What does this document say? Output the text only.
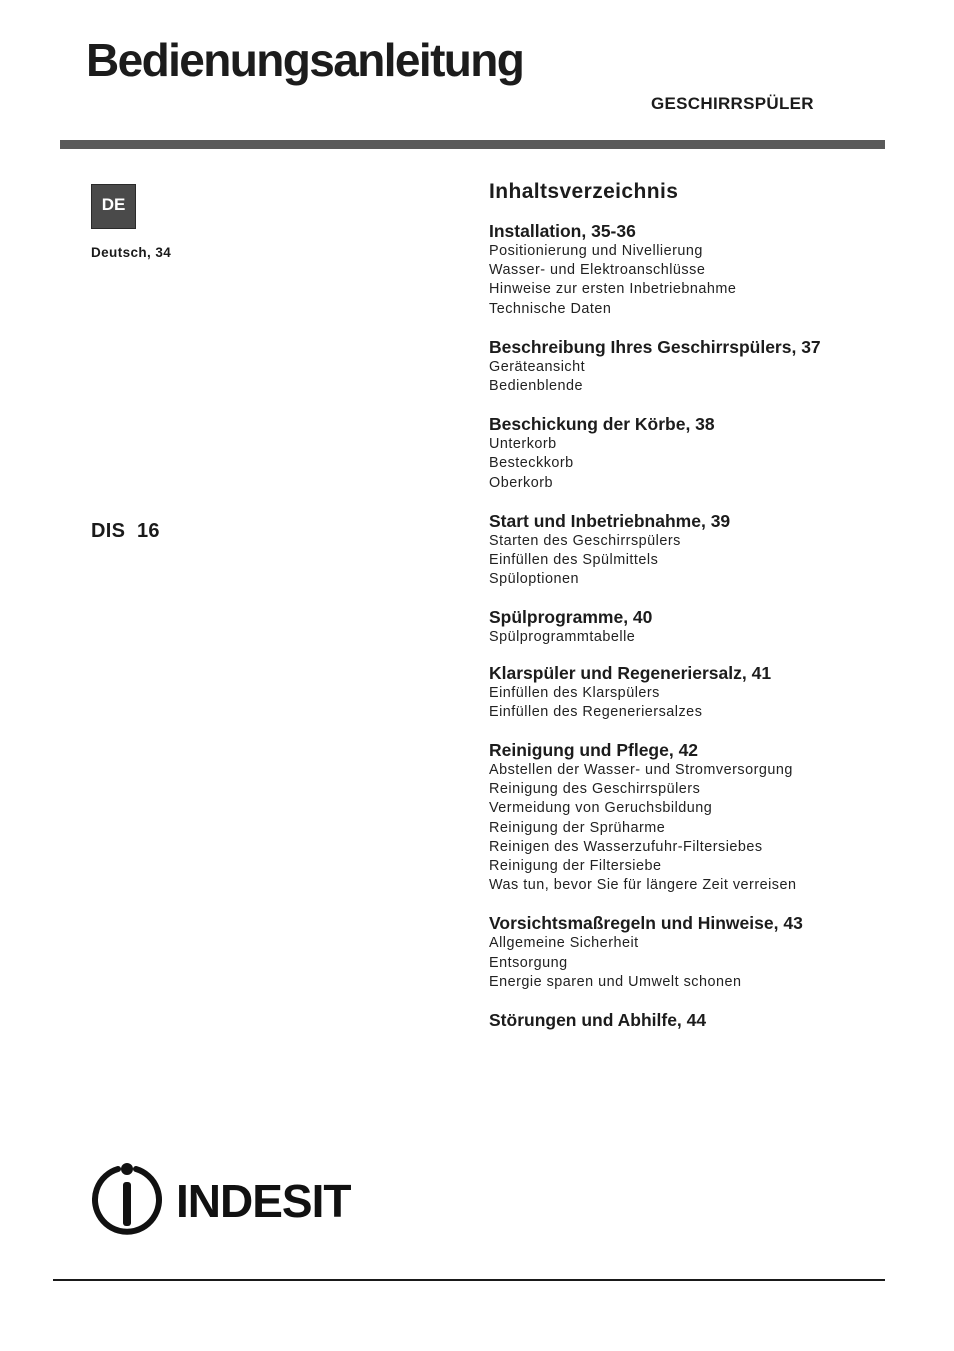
Bedienungsanleitung
GESCHIRRSPÜLER
DE
Deutsch, 34
DIS  16
Inhaltsverzeichnis
Installation, 35-36
Positionierung und Nivellierung
Wasser- und Elektroanschlüsse
Hinweise zur ersten Inbetriebnahme
Technische Daten
Beschreibung Ihres Geschirrspülers, 37
Geräteansicht
Bedienblende
Beschickung der Körbe, 38
Unterkorb
Besteckkorb
Oberkorb
Start und Inbetriebnahme, 39
Starten des Geschirrspülers
Einfüllen des Spülmittels
Spüloptionen
Spülprogramme, 40
Spülprogrammtabelle
Klarspüler und Regeneriersalz, 41
Einfüllen des Klarspülers
Einfüllen des Regeneriersalzes
Reinigung und Pflege, 42
Abstellen der Wasser- und Stromversorgung
Reinigung des Geschirrspülers
Vermeidung von Geruchsbildung
Reinigung der Sprüharme
Reinigen des Wasserzufuhr-Filtersiebes
Reinigung der Filtersiebe
Was tun, bevor Sie für längere Zeit verreisen
Vorsichtsmaßregeln und Hinweise, 43
Allgemeine Sicherheit
Entsorgung
Energie sparen und Umwelt schonen
Störungen und Abhilfe, 44
INDESIT
